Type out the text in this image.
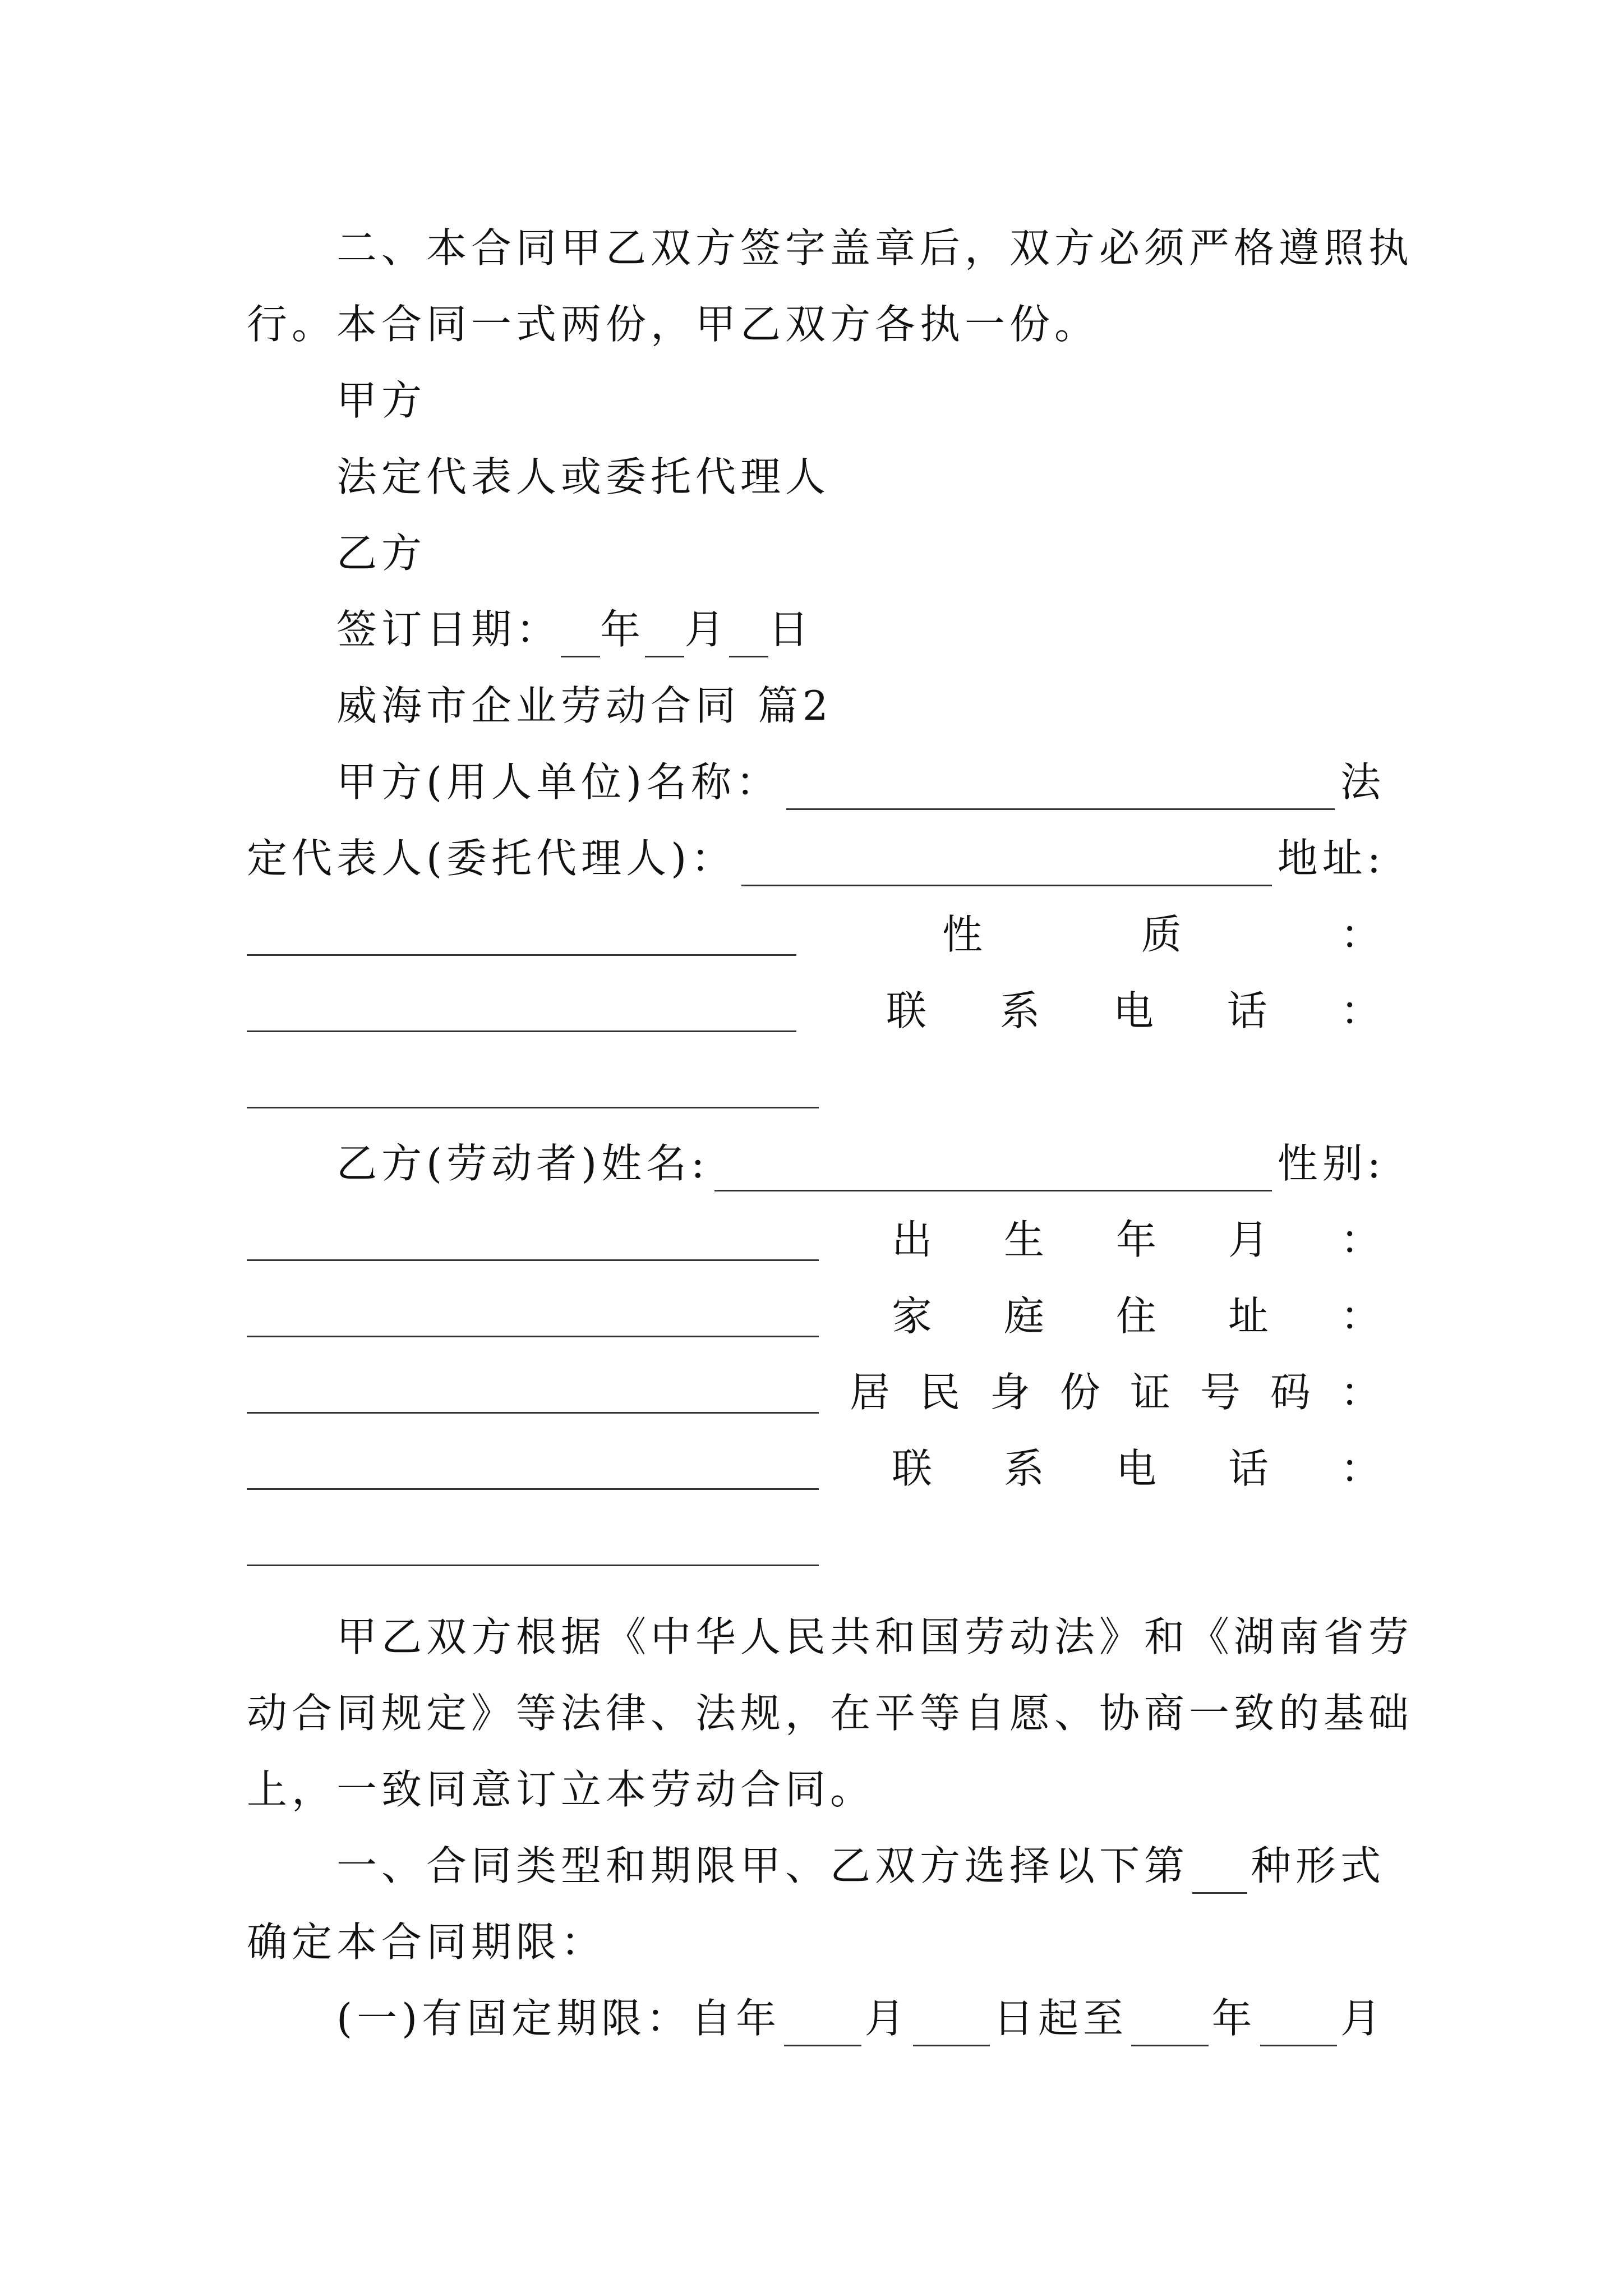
二、本合同甲乙双方签字盖章后，双方必须严格遵照执
行。本合同一式两份，甲乙双方各执一份。
甲方
法定代表人或委托代理人
乙方
签订日期： 年 月 日
威海市企业劳动合同 篇2
甲方(用人单位)名称：	法
定代表人(委托代理人)：	地址:
性	质	：
联 系 电 话 ：
乙方(劳动者)姓名:	性别:
出 生 年 月 ：
家 庭 住 址 ：
居 民 身 份 证 号 码 ：
联 系 电 话 ：
甲乙双方根据《中华人民共和国劳动法》和《湖南省劳
动合同规定》等法律、法规，在平等自愿、协商一致的基础
上，一致同意订立本劳动合同。
一、合同类型和期限甲、乙双方选择以下第 种形式
确定本合同期限：
(一)有固定期限：自年 月 日起至 年 月
